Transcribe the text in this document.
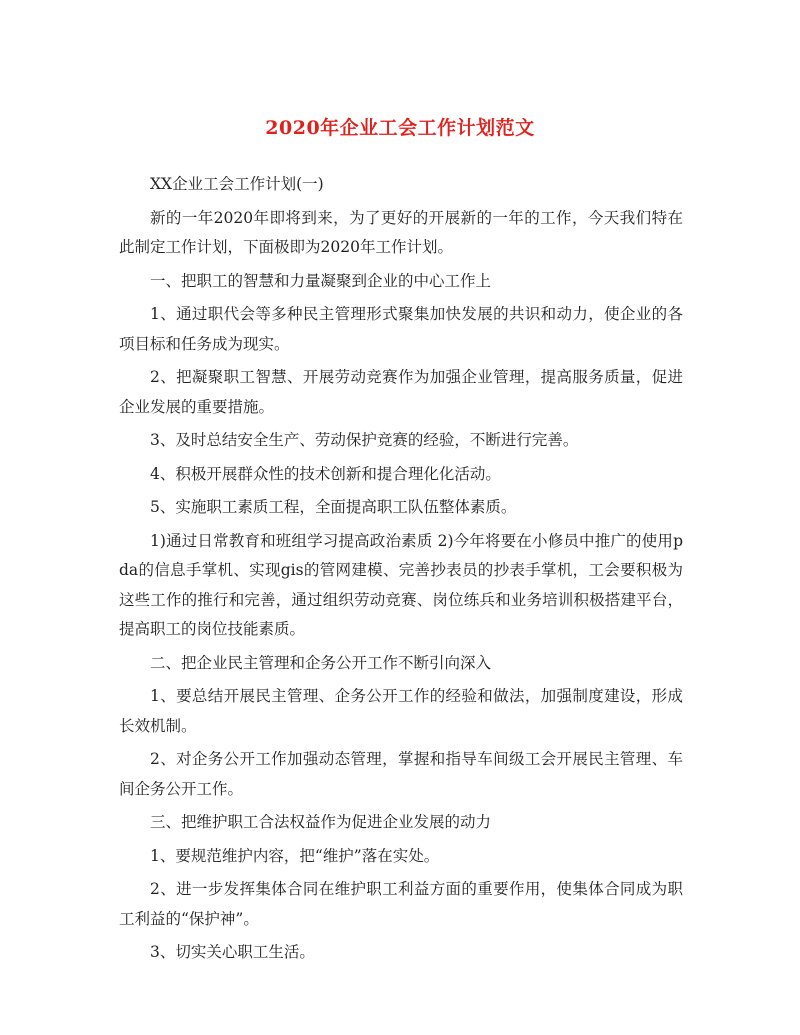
2020年企业工会工作计划范文

XX企业工会工作计划(一)

新的一年2020年即将到来，为了更好的开展新的一年的工作，今天我们特在此制定工作计划，下面极即为2020年工作计划。

一、把职工的智慧和力量凝聚到企业的中心工作上

1、通过职代会等多种民主管理形式聚集加快发展的共识和动力，使企业的各项目标和任务成为现实。

2、把凝聚职工智慧、开展劳动竞赛作为加强企业管理，提高服务质量，促进企业发展的重要措施。

3、及时总结安全生产、劳动保护竞赛的经验，不断进行完善。

4、积极开展群众性的技术创新和提合理化化活动。

5、实施职工素质工程，全面提高职工队伍整体素质。

1)通过日常教育和班组学习提高政治素质 2)今年将要在小修员中推广的使用pda的信息手掌机、实现gis的管网建模、完善抄表员的抄表手掌机，工会要积极为这些工作的推行和完善，通过组织劳动竞赛、岗位练兵和业务培训积极搭建平台，提高职工的岗位技能素质。

二、把企业民主管理和企务公开工作不断引向深入

1、要总结开展民主管理、企务公开工作的经验和做法，加强制度建设，形成长效机制。

2、对企务公开工作加强动态管理，掌握和指导车间级工会开展民主管理、车间企务公开工作。

三、把维护职工合法权益作为促进企业发展的动力

1、要规范维护内容，把“维护”落在实处。

2、进一步发挥集体合同在维护职工利益方面的重要作用，使集体合同成为职工利益的“保护神”。

3、切实关心职工生活。
